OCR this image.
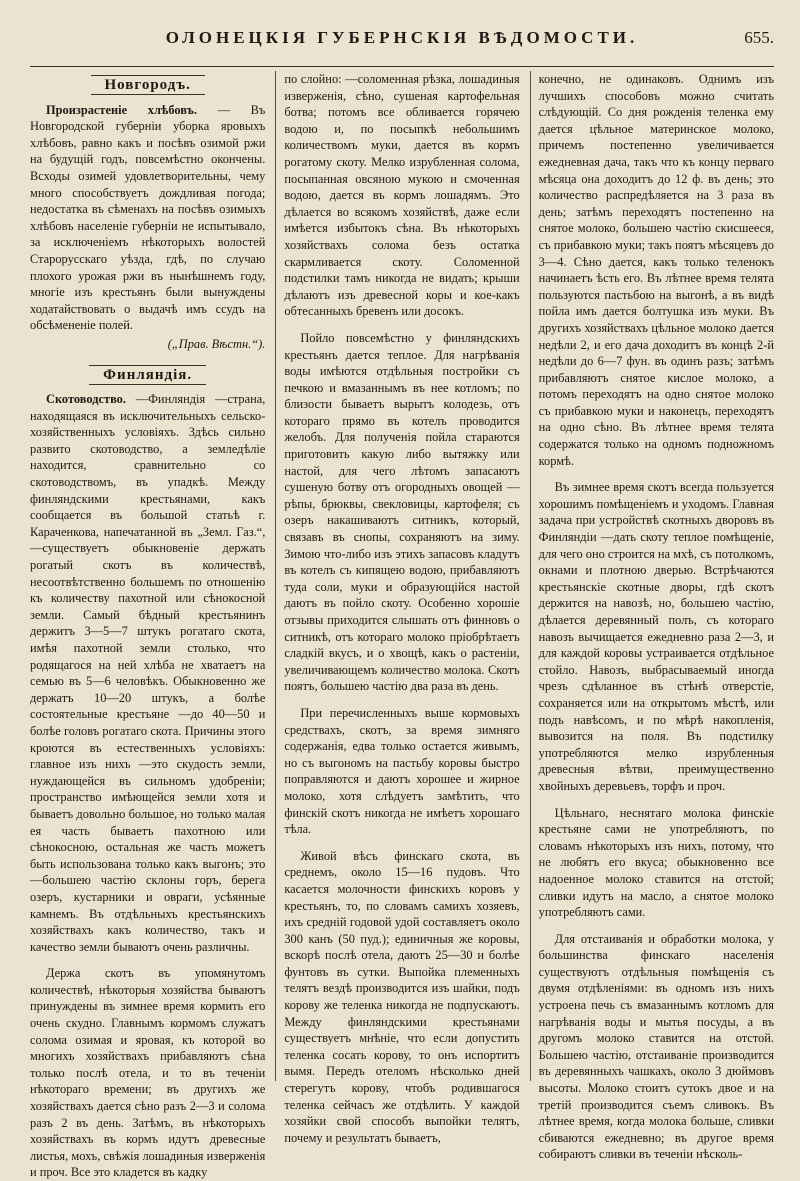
ОЛОНЕЦКІЯ ГУБЕРНСКІЯ ВѢДОМОСТИ.	655.
Новгородъ.

Произрастеніе хлѣбовъ. — Въ Новгородской губерніи уборка яровыхъ хлѣбовъ, равно какъ и посѣвъ озимой ржи на будущій годъ, повсемѣстно окончены. Всходы озимей удовлетворительны, чему много способствуетъ дождливая погода; недостатка въ сѣменахъ на посѣвъ озимыхъ хлѣбовъ населеніе губерніи не испытывало, за исключеніемъ нѣкоторыхъ волостей Старорусскаго уѣзда, гдѣ, по случаю плохого урожая ржи въ нынѣшнемъ году, многіе изъ крестьянъ были вынуждены ходатайствовать о выдачѣ имъ ссудъ на обсѣмененіе полей.

(„Прав. Вѣстн.“).
Финляндія.

Скотоводство. —Финляндія —страна, находящаяся въ исключительныхъ сельско-хозяйственныхъ условіяхъ. Здѣсь сильно развито скотоводство, а земледѣліе находится, сравнительно со скотоводствомъ, въ упадкѣ. Между финляндскими крестьянами, какъ сообщается въ большой статьѣ г. Караченкова, напечатанной въ „Земл. Газ.“, —существуетъ обыкновеніе держать рогатый скотъ въ количествѣ, несоотвѣтственно большемъ по отношенію къ количеству пахотной или сѣнокосной земли. Самый бѣдный крестьянинъ держитъ 3—5—7 штукъ рогатаго скота, имѣя пахотной земли столько, что родящагося на ней хлѣба не хватаетъ на семью въ 5—6 человѣкъ. Обыкновенно же держатъ 10—20 штукъ, а болѣе состоятельные крестьяне —до 40—50 и болѣе головъ рогатаго скота. Причины этого кроются въ естественныхъ условіяхъ: главное изъ нихъ —это скудость земли, нуждающейся въ сильномъ удобреніи; пространство имѣющейся земли хотя и бываетъ довольно большое, но только малая ея часть бываетъ пахотною или сѣнокосною, остальная же часть можетъ быть использована только какъ выгонъ; это —большею частію склоны горъ, берега озеръ, кустарники и овраги, усѣянные камнемъ. Въ отдѣльныхъ крестьянскихъ хозяйствахъ какъ количество, такъ и качество земли бываютъ очень различны.

Держа скотъ въ упомянутомъ количествѣ, нѣкоторыя хозяйства бываютъ принуждены въ зимнее время кормить его очень скудно. Главнымъ кормомъ служатъ солома озимая и яровая, къ которой во многихъ хозяйствахъ прибавляютъ сѣна только послѣ отела, и то въ теченіи нѣкотораго времени; въ другихъ же хозяйствахъ дается сѣно разъ 2—3 и солома разъ 2 въ день. Затѣмъ, въ нѣкоторыхъ хозяйствахъ въ кормъ идутъ древесные листья, мохъ, свѣжія лошадиныя изверженія и проч. Все это кладется въ кадку

по слойно: —соломенная рѣзка, лошадиныя изверженія, сѣно, сушеная картофельная ботва; потомъ все обливается горячею водою и, по посыпкѣ небольшимъ количествомъ муки, дается въ кормъ рогатому скоту. Мелко изрубленная солома, посыпанная овсяною мукою и смоченная водою, дается въ кормъ лошадямъ. Это дѣлается во всякомъ хозяйствѣ, даже если имѣется избытокъ сѣна. Въ нѣкоторыхъ хозяйствахъ солома безъ остатка скармливается скоту. Соломенной подстилки тамъ никогда не видать; крыши дѣлаютъ изъ древесной коры и кое-какъ обтесанныхъ бревенъ или досокъ.

Пойло повсемѣстно у финляндскихъ крестьянъ дается теплое. Для нагрѣванія воды имѣются отдѣльныя постройки съ печкою и вмазаннымъ въ нее котломъ; по близости бываетъ вырытъ колодезь, отъ котораго прямо въ котелъ проводится желобъ. Для полученія пойла стараются приготовить какую либо вытяжку или настой, для чего лѣтомъ запасаютъ сушеную ботву отъ огородныхъ овощей —рѣпы, брюквы, свекловицы, картофеля; съ озеръ накашиваютъ ситникъ, который, связавъ въ снопы, сохраняютъ на зиму. Зимою что-либо изъ этихъ запасовъ кладутъ въ котелъ съ кипящею водою, прибавляютъ туда соли, муки и образующійся настой даютъ въ пойло скоту. Особенно хорошіе отзывы приходится слышать отъ финновъ о ситникѣ, отъ котораго молоко пріобрѣтаетъ сладкій вкусъ, и о хвощѣ, какъ о растеніи, увеличивающемъ количество молока. Скотъ поятъ, большею частію два раза въ день.

При перечисленныхъ выше кормовыхъ средствахъ, скотъ, за время зимняго содержанія, едва только остается живымъ, но съ выгономъ на пастьбу коровы быстро поправляются и даютъ хорошее и жирное молоко, хотя слѣдуетъ замѣтить, что финскій скотъ никогда не имѣетъ хорошаго тѣла.

Живой вѣсъ финскаго скота, въ среднемъ, около 15—16 пудовъ. Что касается молочности финскихъ коровъ у крестьянъ, то, по словамъ самихъ хозяевъ, ихъ средній годовой удой составляетъ около 300 канъ (50 пуд.); единичныя же коровы, вскорѣ послѣ отела, даютъ 25—30 и болѣе фунтовъ въ сутки. Выпойка племенныхъ телятъ вездѣ производится изъ шайки, подъ корову же теленка никогда не подпускаютъ. Между финляндскими крестьянами существуетъ мнѣніе, что если допустить теленка сосать корову, то онъ испортитъ вымя. Передъ отеломъ нѣсколько дней стерегутъ корову, чтобъ родившагося теленка сейчасъ же отдѣлить. У каждой хозяйки свой способъ выпойки телятъ, почему и результатъ бываетъ,

конечно, не одинаковъ. Однимъ изъ лучшихъ способовъ можно считать слѣдующій. Со дня рожденія теленка ему дается цѣльное материнское молоко, причемъ постепенно увеличивается ежедневная дача, такъ что къ концу перваго мѣсяца она доходитъ до 12 ф. въ день; это количество распредѣляется на 3 раза въ день; затѣмъ переходятъ постепенно на снятое молоко, большею частію скисшееся, съ прибавкою муки; такъ поятъ мѣсяцевъ до 3—4. Сѣно дается, какъ только теленокъ начинаетъ ѣсть его. Въ лѣтнее время телята пользуются пастьбою на выгонѣ, а въ видѣ пойла имъ дается болтушка изъ муки. Въ другихъ хозяйствахъ цѣльное молоко дается недѣли 2, и его дача доходитъ въ концѣ 2-й недѣли до 6—7 фун. въ одинъ разъ; затѣмъ прибавляютъ снятое кислое молоко, а потомъ переходятъ на одно снятое молоко съ прибавкою муки и наконецъ, переходятъ на одно сѣно. Въ лѣтнее время телята содержатся только на одномъ подножномъ кормѣ.

Въ зимнее время скотъ всегда пользуется хорошимъ помѣщеніемъ и уходомъ. Главная задача при устройствѣ скотныхъ дворовъ въ Финляндіи —дать скоту теплое помѣщеніе, для чего оно строится на мхѣ, съ потолкомъ, окнами и плотною дверью. Встрѣчаются крестьянскіе скотные дворы, гдѣ скотъ держится на навозѣ, но, большею частію, дѣлается деревянный полъ, съ котораго навозъ вычищается ежедневно раза 2—3, и для каждой коровы устраивается отдѣльное стойло. Навозъ, выбрасываемый иногда чрезъ сдѣланное въ стѣнѣ отверстіе, сохраняется или на открытомъ мѣстѣ, или подъ навѣсомъ, и по мѣрѣ накопленія, вывозится на поля. Въ подстилку употребляются мелко изрубленныя древесныя вѣтви, преимущественно хвойныхъ деревьевъ, торфъ и проч.

Цѣльнаго, неснятаго молока финскіе крестьяне сами не употребляютъ, по словамъ нѣкоторыхъ изъ нихъ, потому, что не любятъ его вкуса; обыкновенно все надоенное молоко ставится на отстой; сливки идутъ на масло, а снятое молоко употребляютъ сами.

Для отстаиванія и обработки молока, у большинства финскаго населенія существуютъ отдѣльныя помѣщенія съ двумя отдѣленіями: въ одномъ изъ нихъ устроена печь съ вмазаннымъ котломъ для нагрѣванія воды и мытья посуды, а въ другомъ молоко ставится на отстой. Большею частію, отстаиваніе производится въ деревянныхъ чашкахъ, около 3 дюймовъ высоты. Молоко стоитъ сутокъ двое и на третій производится съемъ сливокъ. Въ лѣтнее время, когда молока больше, сливки сбиваются ежедневно; въ другое время собираютъ сливки въ теченіи нѣсколь-
